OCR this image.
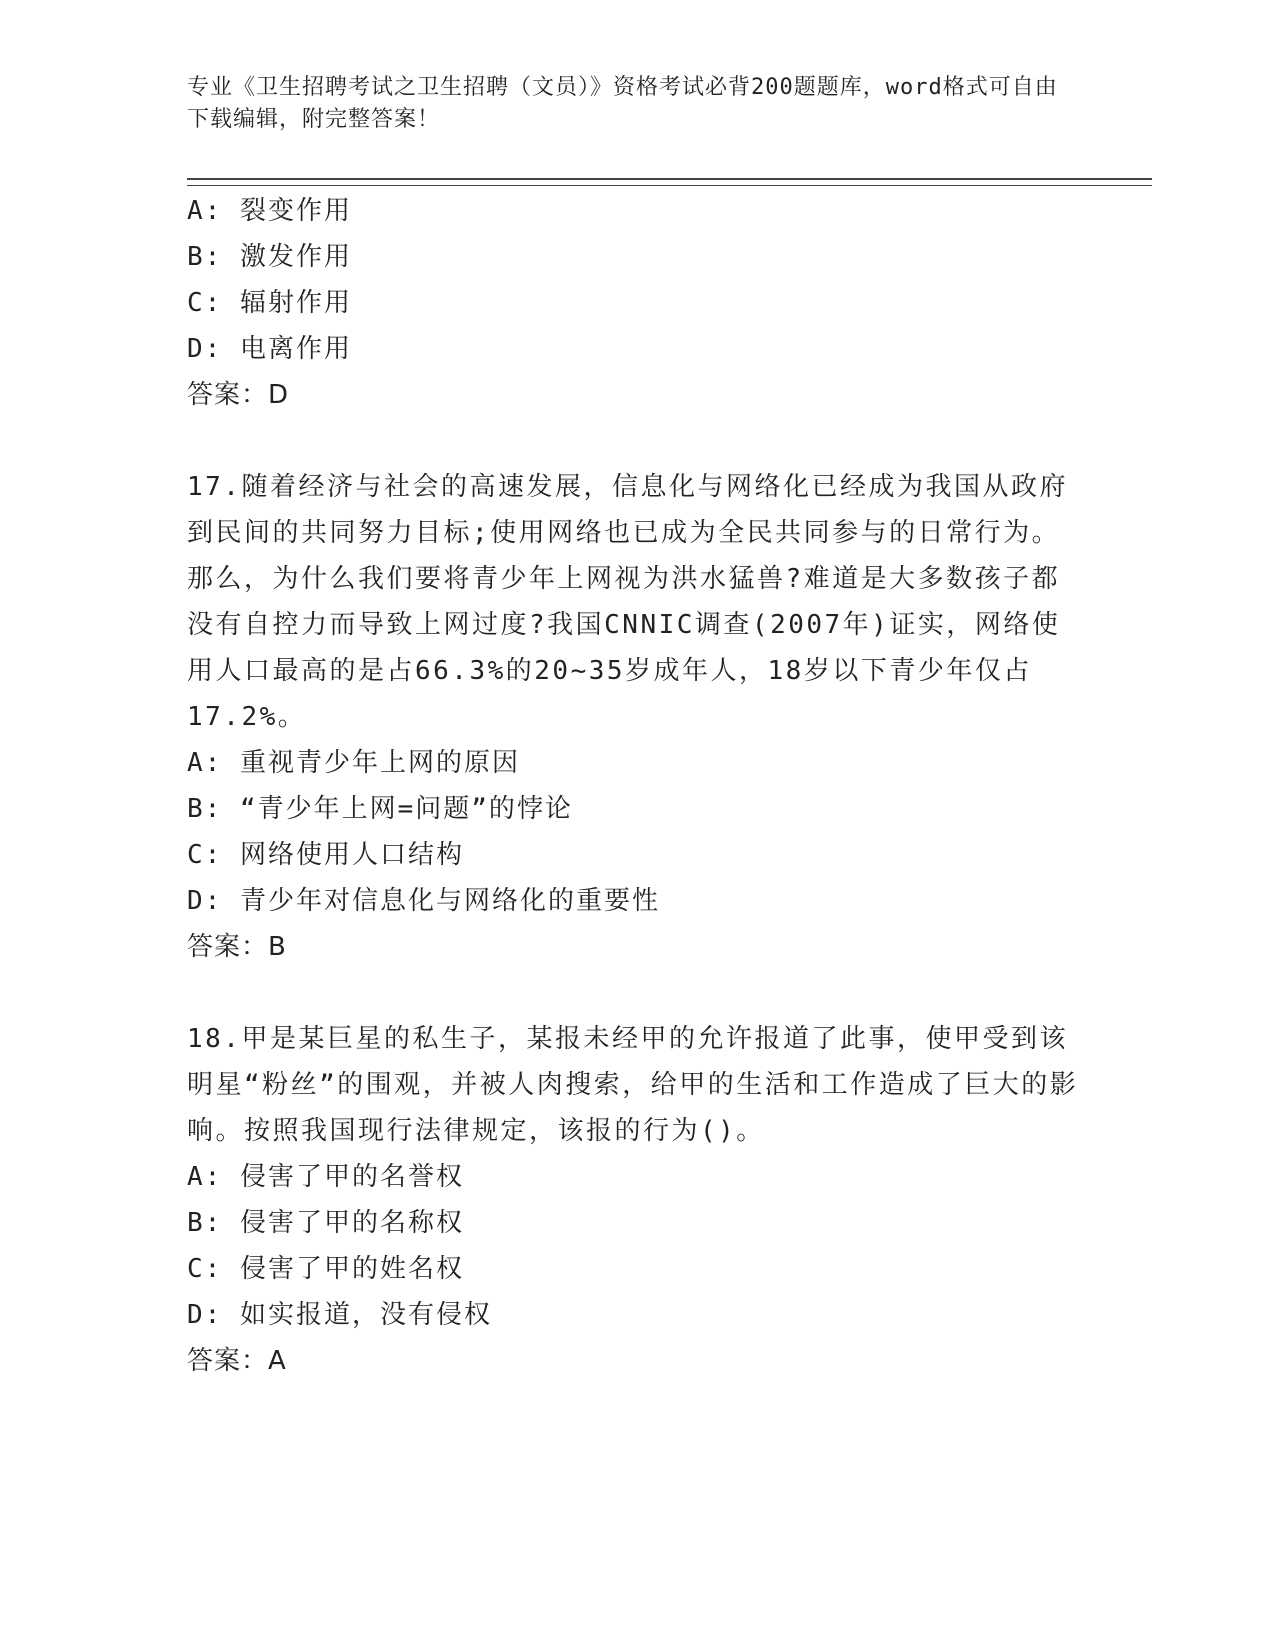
专业《卫生招聘考试之卫生招聘（文员）》资格考试必背200题题库，word格式可自由下载编辑，附完整答案！
A: 裂变作用
B: 激发作用
C: 辐射作用
D: 电离作用
答案：D
17.随着经济与社会的高速发展，信息化与网络化已经成为我国从政府到民间的共同努力目标;使用网络也已成为全民共同参与的日常行为。那么，为什么我们要将青少年上网视为洪水猛兽?难道是大多数孩子都没有自控力而导致上网过度?我国CNNIC调查(2007年)证实，网络使用人口最高的是占66.3%的20~35岁成年人，18岁以下青少年仅占17.2%。
A: 重视青少年上网的原因
B: “青少年上网=问题”的悖论
C: 网络使用人口结构
D: 青少年对信息化与网络化的重要性
答案：B
18.甲是某巨星的私生子，某报未经甲的允许报道了此事，使甲受到该明星“粉丝”的围观，并被人肉搜索，给甲的生活和工作造成了巨大的影响。按照我国现行法律规定，该报的行为()。
A: 侵害了甲的名誉权
B: 侵害了甲的名称权
C: 侵害了甲的姓名权
D: 如实报道，没有侵权
答案：A
